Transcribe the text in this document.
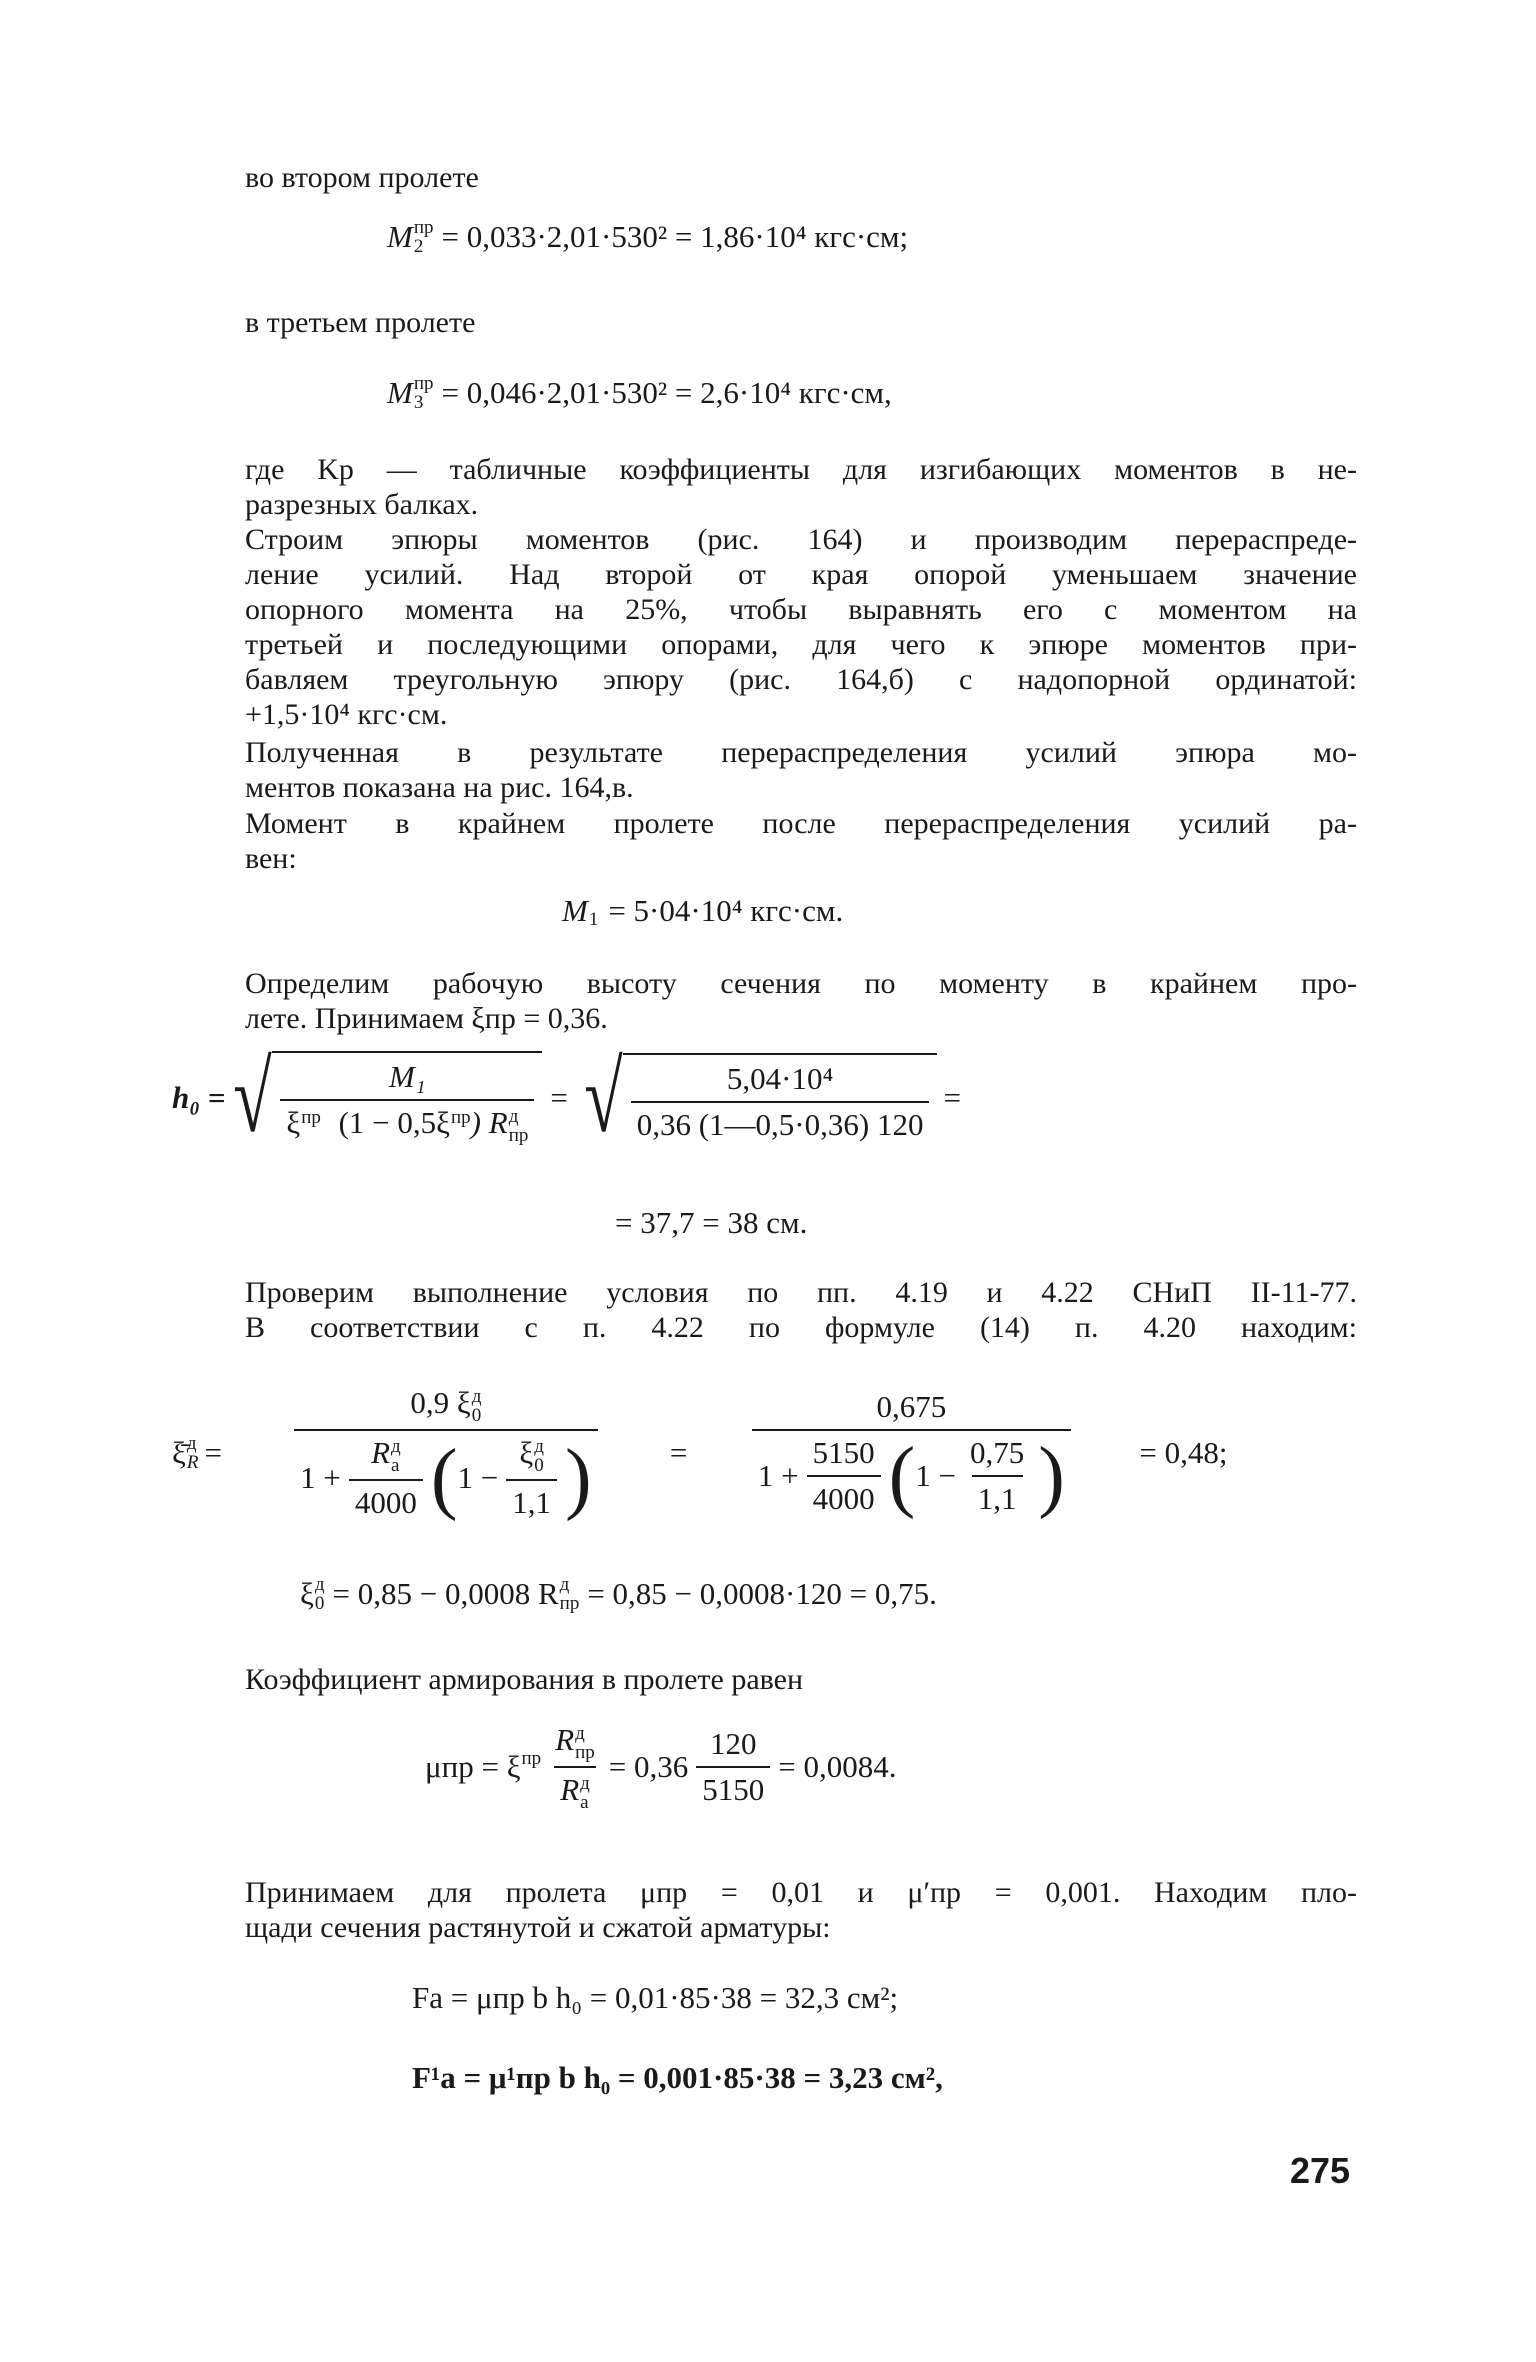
во втором пролете
M пр
2 = 0,033·2,01·530² = 1,86·10⁴ кгс·см;
в третьем пролете
M пр
3 = 0,046·2,01·530² = 2,6·10⁴ кгс·см,
где Kр — табличные коэффициенты для изгибающих моментов в не-
разрезных балках.
Строим эпюры моментов (рис. 164) и производим перераспреде-
ление усилий. Над второй от края опорой уменьшаем значение
опорного момента на 25%, чтобы выравнять его с моментом на
третьей и последующими опорами, для чего к эпюре моментов при-
бавляем треугольную эпюру (рис. 164,б) с надопорной ординатой:
+1,5·10⁴ кгс·см.
Полученная в результате перераспределения усилий эпюра мо-
ментов показана на рис. 164,в.
Момент в крайнем пролете после перераспределения усилий ра-
вен:
M 1 = 5·04·10⁴ кгс·см.
Определим рабочую высоту сечения по моменту в крайнем про-
лете. Принимаем ξпр = 0,36.
h₀ = √ M₁
ξ пр (1 − 0,5ξ пр ) R д
пр = √ $\frac{\text{5,04·10⁴}}{0,36 (1—0,5\cdot 0,36) 120}$ =
= 37,7 = 38 см.
Проверим выполнение условия по пп. 4.19 и 4.22 СНиП II-11-77.
В соответствии с п. 4.22 по формуле (14) п. 4.20 находим:
ξ̄ д
R = 0,9 ξ д
0
1 + R д
а
4000 ( 1 − ξ д
0
1,1 ) = $\frac{0,675}{1 + \frac{5150}{4000} ( 1 - \frac{0,75}{1,1} )} = 0,48$;
ξ д
0 = 0,85 − 0,0008 R д
пр = 0,85 − 0,0008·120 = 0,75.
Коэффициент армирования в пролете равен
μпр = ξ пр R д
пр
R д
$а = 0,36 \frac{120}{5150} = 0,0084$.
Принимаем для пролета μпр = 0,01 и μ′пр = 0,001. Находим пло-
щади сечения растянутой и сжатой арматуры:
Fа = μпр b h₀ = 0,01·85·38 = 32,3 см²;
F¹а = μ¹пр b h₀ = 0,001·85·38 = 3,23 см²,
275
